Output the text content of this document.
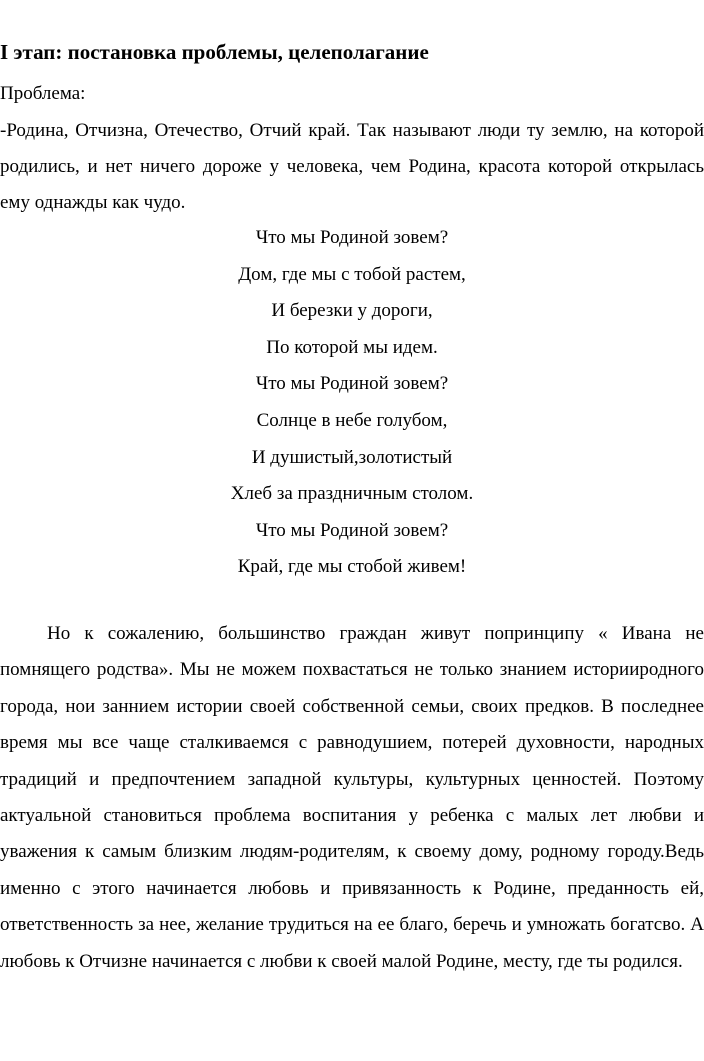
I этап: постановка проблемы, целеполагание

Проблема:

-Родина, Отчизна, Отечество, Отчий край. Так называют люди ту землю, на которой родились, и нет ничего дороже у человека, чем Родина, красота которой открылась ему однажды как чудо.

Что мы Родиной зовем?
Дом, где мы с тобой растем,
И березки у дороги,
По которой мы идем.
Что мы Родиной зовем?
Солнце в небе голубом,
И душистый,золотистый
Хлеб за праздничным столом.
Что мы Родиной зовем?
Край, где мы стобой живем!

Но к сожалению, большинство граждан живут попринципу « Ивана не помнящего родства». Мы не можем похвастаться не только знанием историиродного города, нои заннием истории своей собственной семьи, своих предков. В последнее время мы все чаще сталкиваемся с равнодушием, потерей духовности, народных традиций и предпочтением западной культуры, культурных ценностей. Поэтому актуальной становиться проблема воспитания у ребенка с малых лет любви и уважения к самым близким людям-родителям, к своему дому, родному городу.Ведь именно с этого начинается любовь и привязанность к Родине, преданность ей, ответственность за нее, желание трудиться на ее благо, беречь и умножать богатсво. А любовь к Отчизне начинается с любви к своей малой Родине, месту, где ты родился.
